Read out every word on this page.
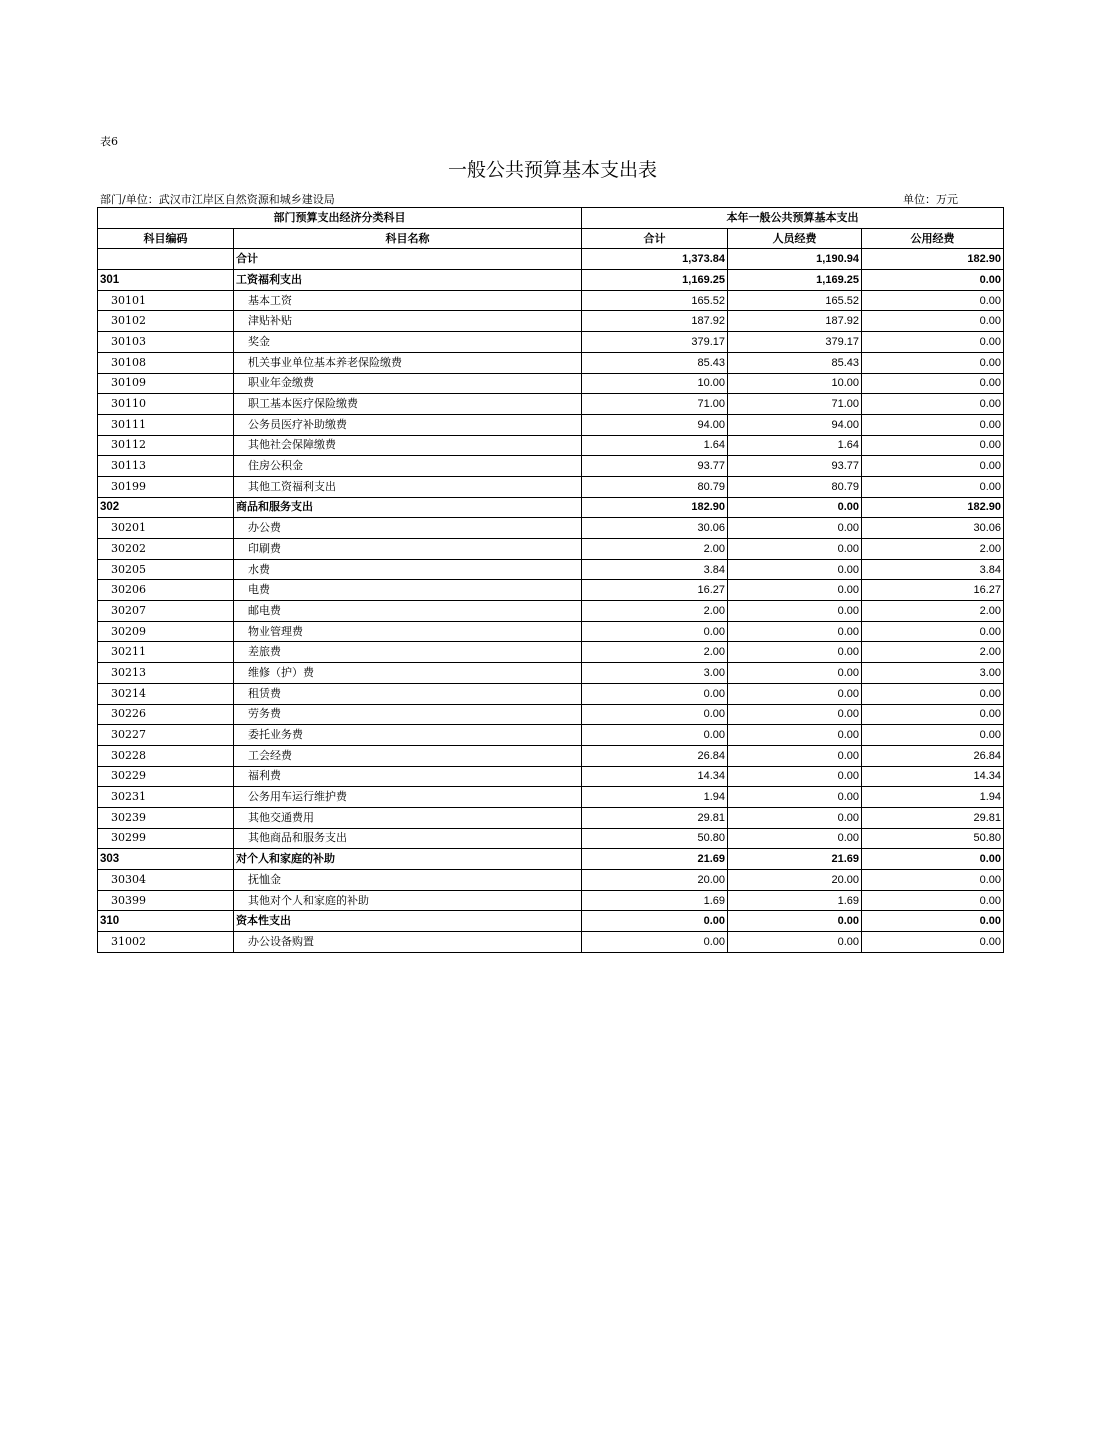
表6
一般公共预算基本支出表
部门/单位：武汉市江岸区自然资源和城乡建设局	单位：万元
部门预算支出经济分类科目		本年一般公共预算基本支出		
科目编码	科目名称	合计	人员经费	公用经费
	合计	1,373.84	1,190.94	182.90
301	工资福利支出	1,169.25	1,169.25	0.00
30101	基本工资	165.52	165.52	0.00
30102	津贴补贴	187.92	187.92	0.00
30103	奖金	379.17	379.17	0.00
30108	机关事业单位基本养老保险缴费	85.43	85.43	0.00
30109	职业年金缴费	10.00	10.00	0.00
30110	职工基本医疗保险缴费	71.00	71.00	0.00
30111	公务员医疗补助缴费	94.00	94.00	0.00
30112	其他社会保障缴费	1.64	1.64	0.00
30113	住房公积金	93.77	93.77	0.00
30199	其他工资福利支出	80.79	80.79	0.00
302	商品和服务支出	182.90	0.00	182.90
30201	办公费	30.06	0.00	30.06
30202	印刷费	2.00	0.00	2.00
30205	水费	3.84	0.00	3.84
30206	电费	16.27	0.00	16.27
30207	邮电费	2.00	0.00	2.00
30209	物业管理费	0.00	0.00	0.00
30211	差旅费	2.00	0.00	2.00
30213	维修（护）费	3.00	0.00	3.00
30214	租赁费	0.00	0.00	0.00
30226	劳务费	0.00	0.00	0.00
30227	委托业务费	0.00	0.00	0.00
30228	工会经费	26.84	0.00	26.84
30229	福利费	14.34	0.00	14.34
30231	公务用车运行维护费	1.94	0.00	1.94
30239	其他交通费用	29.81	0.00	29.81
30299	其他商品和服务支出	50.80	0.00	50.80
303	对个人和家庭的补助	21.69	21.69	0.00
30304	抚恤金	20.00	20.00	0.00
30399	其他对个人和家庭的补助	1.69	1.69	0.00
310	资本性支出	0.00	0.00	0.00
31002	办公设备购置	0.00	0.00	0.00
